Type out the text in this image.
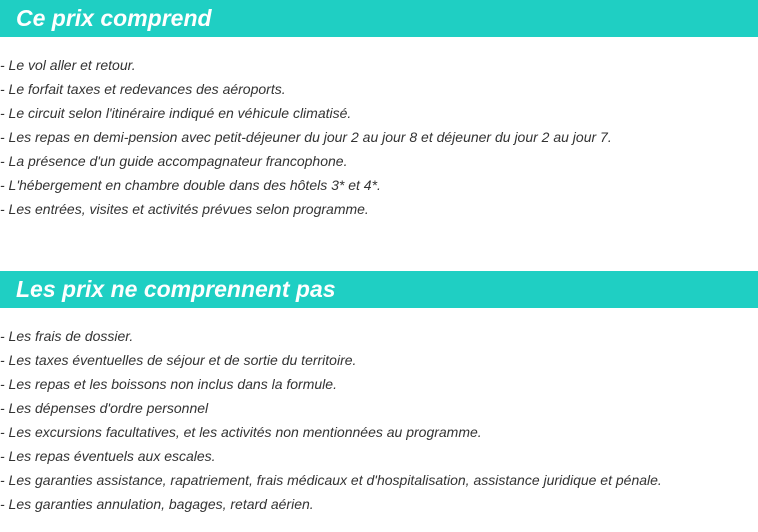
Ce prix comprend
- Le vol aller et retour.
- Le forfait taxes et redevances des aéroports.
- Le circuit selon l'itinéraire indiqué en véhicule climatisé.
- Les repas en demi-pension avec petit-déjeuner du jour 2 au jour 8 et déjeuner du jour 2 au jour 7.
- La présence d'un guide accompagnateur francophone.
- L'hébergement en chambre double dans des hôtels 3* et 4*.
- Les entrées, visites et activités prévues selon programme.
Les prix ne comprennent pas
- Les frais de dossier.
- Les taxes éventuelles de séjour et de sortie du territoire.
- Les repas et les boissons non inclus dans la formule.
- Les dépenses d'ordre personnel
- Les excursions facultatives, et les activités non mentionnées au programme.
- Les repas éventuels aux escales.
- Les garanties assistance, rapatriement, frais médicaux et d'hospitalisation, assistance juridique et pénale.
- Les garanties annulation, bagages, retard aérien.
